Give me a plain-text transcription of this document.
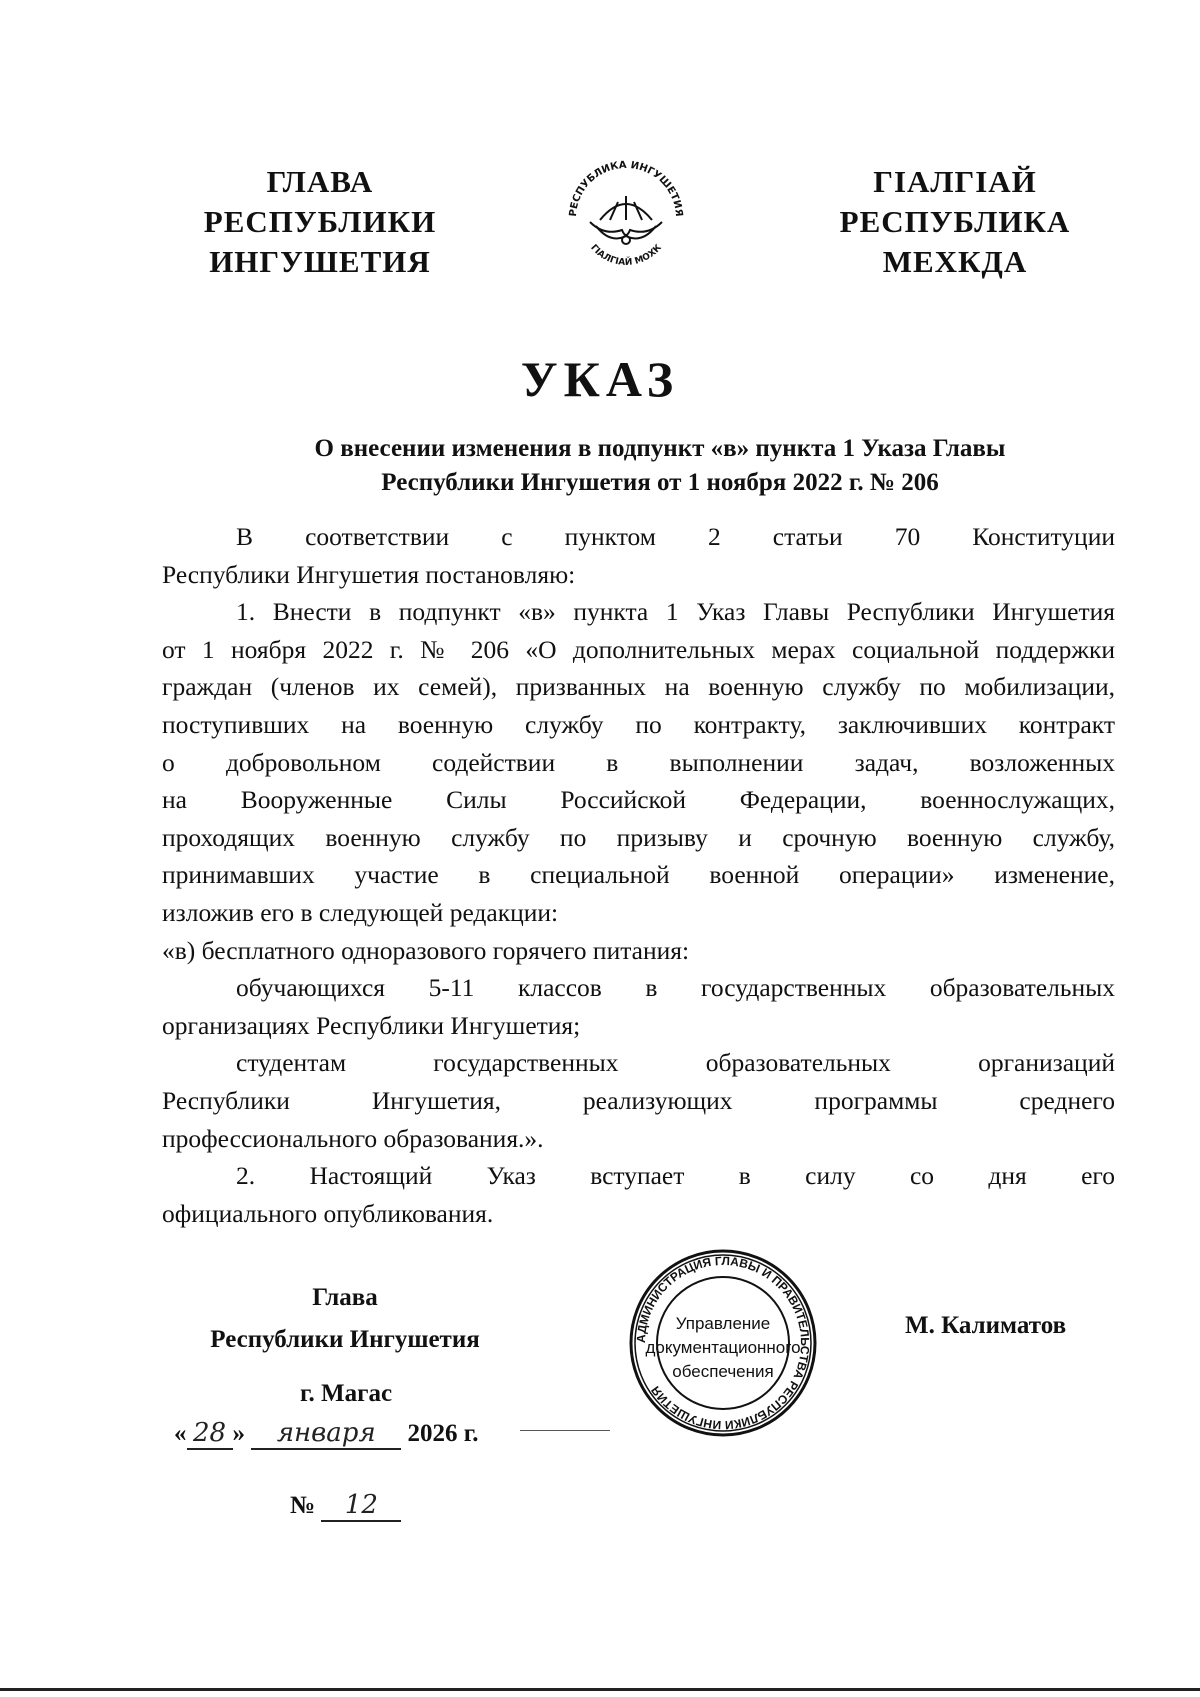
ГЛАВА
РЕСПУБЛИКИ
ИНГУШЕТИЯ
РЕСПУБЛИКА ИНГУШЕТИЯ
ГІАЛГІАЙ МОХК
ГІАЛГІАЙ
РЕСПУБЛИКА
МЕХКДА
УКАЗ
О внесении изменения в подпункт «в» пункта 1 Указа Главы
Республики Ингушетия от 1 ноября 2022 г. № 206
В соответствии с пунктом 2 статьи 70 Конституции
Республики Ингушетия постановляю:
1. Внести в подпункт «в» пункта 1 Указ Главы Республики Ингушетия
от 1 ноября 2022 г. № 206 «О дополнительных мерах социальной поддержки
граждан (членов их семей), призванных на военную службу по мобилизации,
поступивших на военную службу по контракту, заключивших контракт
о добровольном содействии в выполнении задач, возложенных
на Вооруженные Силы Российской Федерации, военнослужащих,
проходящих военную службу по призыву и срочную военную службу,
принимавших участие в специальной военной операции» изменение,
изложив его в следующей редакции:
«в) бесплатного одноразового горячего питания:
обучающихся 5-11 классов в государственных образовательных
организациях Республики Ингушетия;
студентам государственных образовательных организаций
Республики Ингушетия, реализующих программы среднего
профессионального образования.».
2. Настоящий Указ вступает в силу со дня его
официального опубликования.
Глава
Республики Ингушетия	АДМИНИСТРАЦИЯ ГЛАВЫ И ПРАВИТЕЛЬСТВА РЕСПУБЛИКИ ИНГУШЕТИЯ
Управление
документационного
обеспечения
М. Калиматов
г. Магас
« 28 » января 2026 г.
№ 12
